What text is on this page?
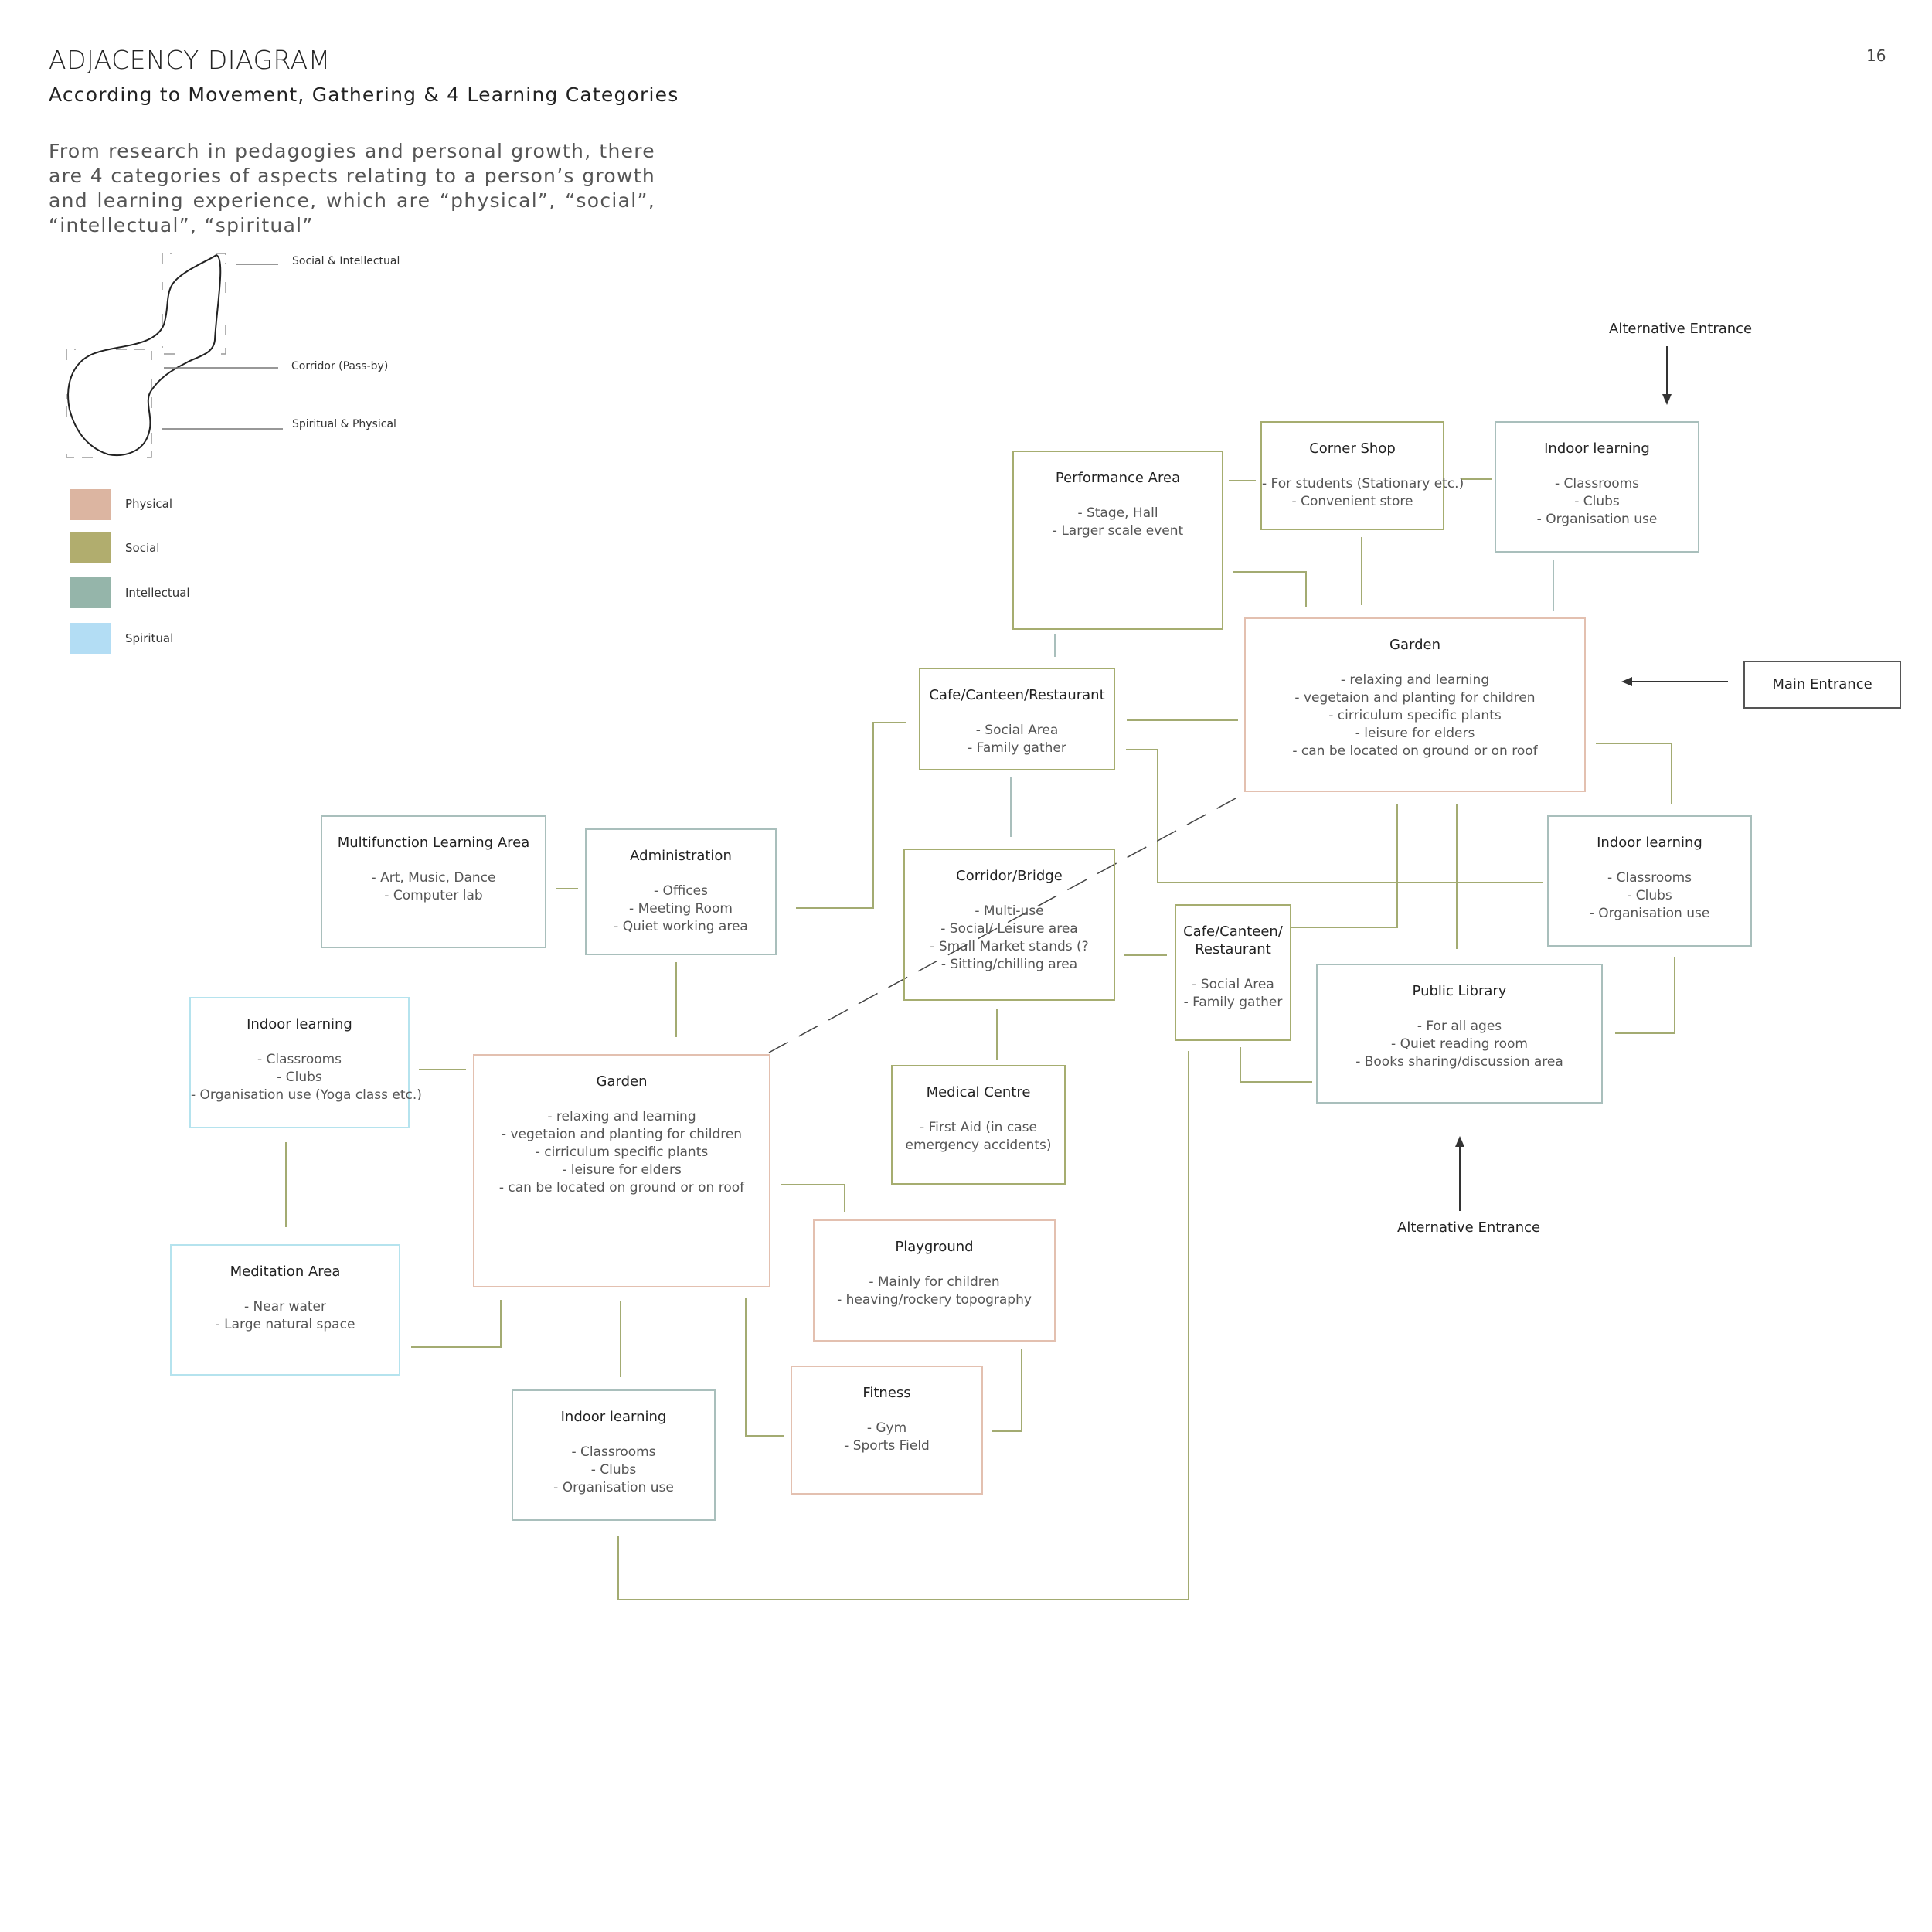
ADJACENCY DIAGRAM
According to Movement, Gathering & 4 Learning Categories
16
From research in pedagogies and personal growth, there are 4 categories of aspects relating to a person’s growth and learning experience, which are “physical”, “social”, “intellectual”, “spiritual”
Social & Intellectual
Corridor (Pass-by)
Spiritual & Physical
Physical
Social
Intellectual
Spiritual
Alternative Entrance
Main Entrance
Alternative Entrance
Performance Area
- Stage, Hall
- Larger scale event
Corner Shop
- For students (Stationary etc.)
- Convenient store
Indoor learning
- Classrooms
- Clubs
- Organisation use
Garden
- relaxing and learning
- vegetaion and planting for children
- cirriculum specific plants
- leisure for elders
- can be located on ground or on roof
Cafe/Canteen/Restaurant
- Social Area
- Family gather
Indoor learning
- Classrooms
- Clubs
- Organisation use
Multifunction Learning Area
- Art, Music, Dance
- Computer lab
Administration
- Offices
- Meeting Room
- Quiet working area
Corridor/Bridge
- Multi-use
- Social/ Leisure area
- Small Market stands (?
- Sitting/chilling area
Cafe/Canteen/
Restaurant
- Social Area
- Family gather
Public Library
- For all ages
- Quiet reading room
- Books sharing/discussion area
Indoor learning
- Classrooms
- Clubs
- Organisation use (Yoga class etc.)
Garden
- relaxing and learning
- vegetaion and planting for children
- cirriculum specific plants
- leisure for elders
- can be located on ground or on roof
Medical Centre
- First Aid (in case
emergency accidents)
Meditation Area
- Near water
- Large natural space
Playground
- Mainly for children
- heaving/rockery topography
Fitness
- Gym
- Sports Field
Indoor learning
- Classrooms
- Clubs
- Organisation use
